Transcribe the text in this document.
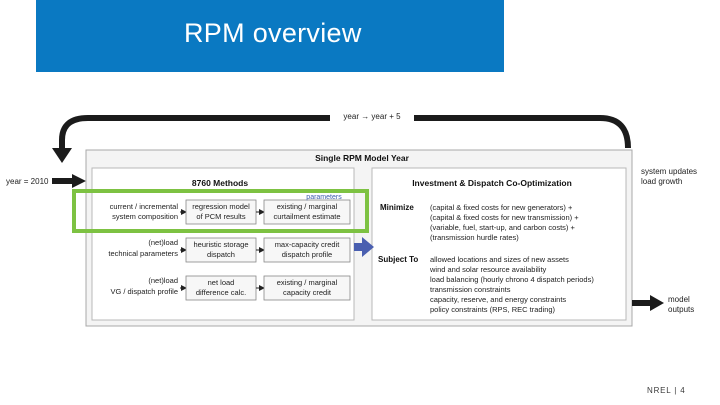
RPM overview
year → year + 5
year = 2010
Single RPM Model Year
8760 Methods	Investment & Dispatch Co-Optimization
current / incremental
system composition
regression model
of PCM results
parameters
existing / marginal
curtailment estimate
(net)load
technical parameters
heuristic storage
dispatch
max-capacity credit
dispatch profile
(net)load
VG / dispatch profile
net load
difference calc.
existing / marginal
capacity credit
Minimize (capital & fixed costs for new generators) +
(capital & fixed costs for new transmission) +
(variable, fuel, start-up, and carbon costs) +
(transmission hurdle rates)
Subject To allowed locations and sizes of new assets
wind and solar resource availability
load balancing (hourly chrono 4 dispatch periods)
transmission constraints
capacity, reserve, and energy constraints
policy constraints (RPS, REC trading)
system updates
load growth
model
outputs
NREL | 4
